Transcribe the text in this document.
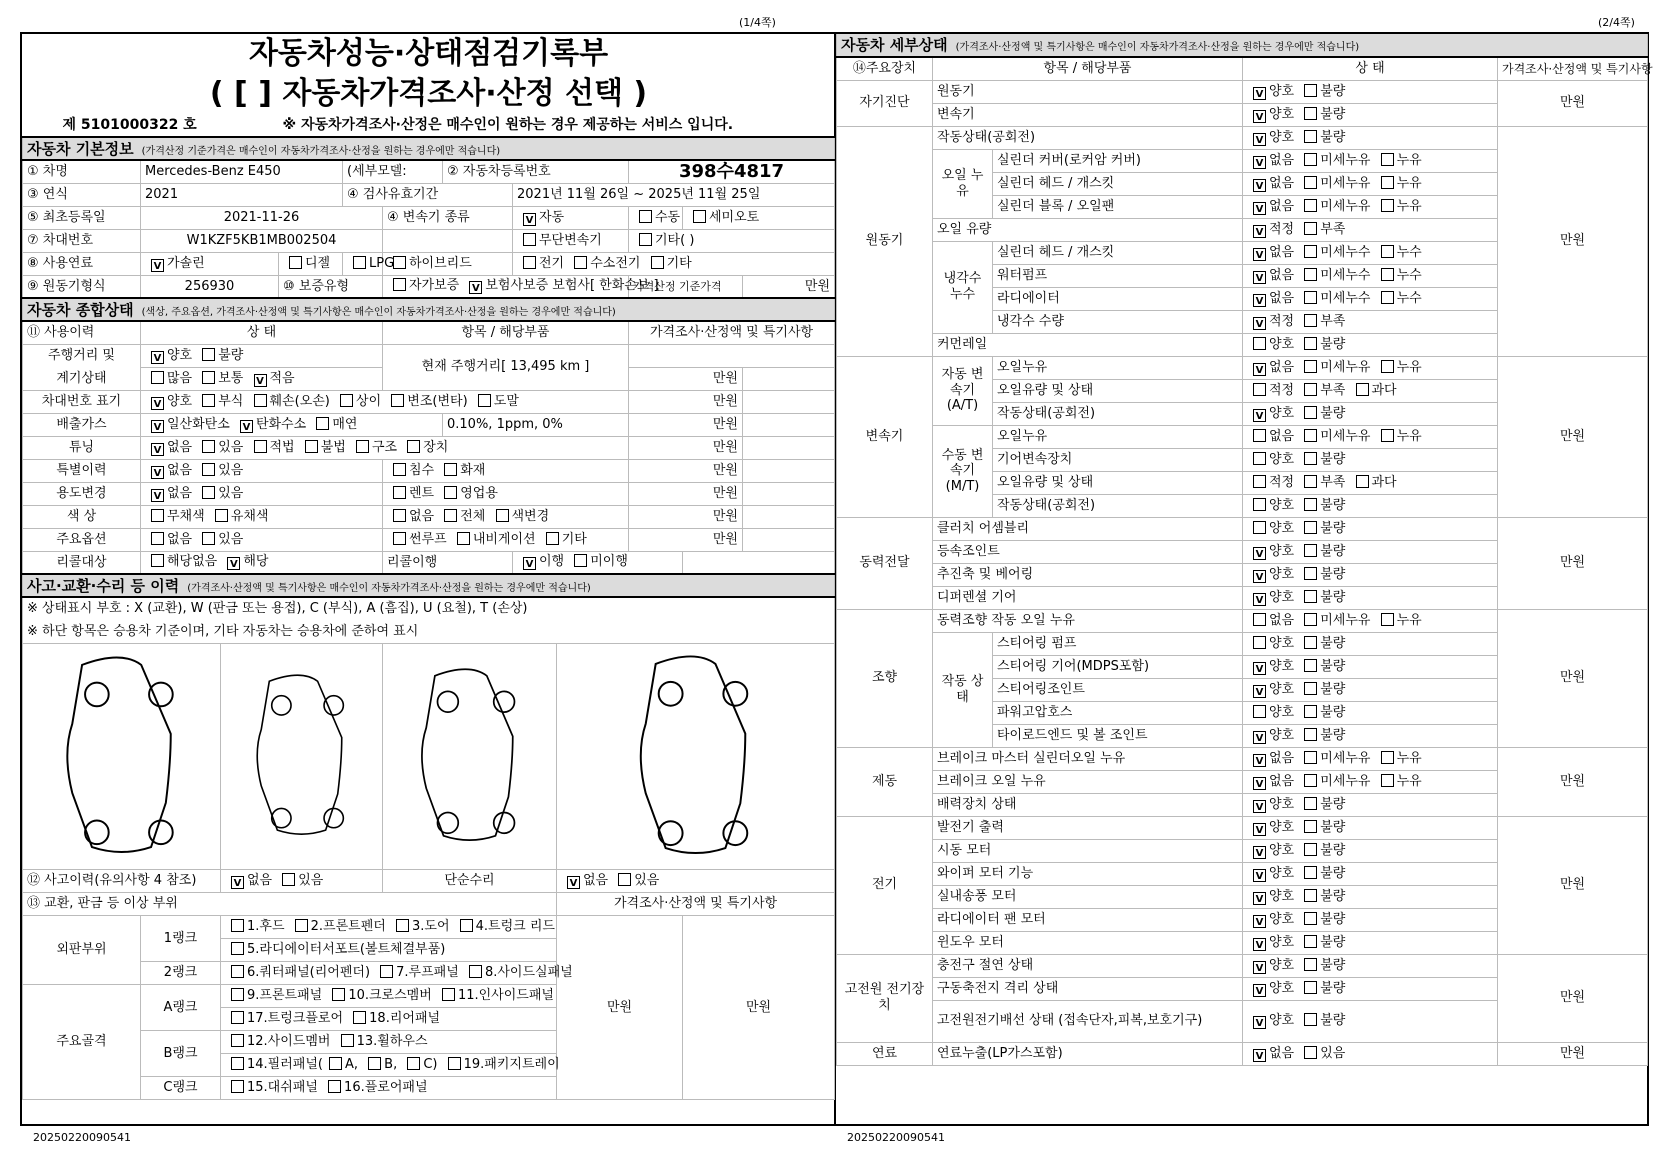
(1/4쪽)	(2/4쪽)
자동차성능·상태점검기록부											
( [ ] 자동차가격조사·산정 선택 )											
제 5101000322 호			※ 자동차가격조사·산정은 매수인이 원하는 경우 제공하는 서비스 입니다.								
자동차 기본정보 (가격산정 기준가격은 매수인이 자동차가격조사·산정을 원하는 경우에만 적습니다)											
① 차명	Mercedes-Benz E450			(세부모델:		② 자동차등록번호			398수4817		
③ 연식	2021			④ 검사유효기간			2021년 11월 26일 ~ 2025년 11월 25일				
⑤ 최초등록일	2021-11-26				④ 변속기 종류		V 자동		수동	세미오토	
⑦ 차대번호	W1KZF5KB1MB002504						무단변속기		기타( )		
⑧ 사용연료	V 가솔린		디젤	LPG	하이브리드		전기 수소전기 기타				
⑨ 원동기형식	256930		⑩ 보증유형		자가보증 V 보험사보증 보험사[ 한화손보 ]				가격산정 기준가격		만원
자동차 종합상태 (색상, 주요옵션, 가격조사·산정액 및 특기사항은 매수인이 자동차가격조사·산정을 원하는 경우에만 적습니다)											
⑪ 사용이력	상 태				항목 / 해당부품				가격조사·산정액 및 특기사항		
주행거리 및	V 양호 불량				현재 주행거리[ 13,495 km ]						
계기상태	많음 보통 V 적음								만원		
차대번호 표기	V 양호 부식 훼손(오손) 상이 변조(변타) 도말								만원		
배출가스	V 일산화탄소 V 탄화수소 매연					0.10%, 1ppm, 0%			만원		
튜닝	V 없음 있음 적법 불법 구조 장치								만원		
특별이력	V 없음 있음				침수 화재				만원		
용도변경	V 없음 있음				렌트 영업용				만원		
색 상	무채색 유채색				없음 전체 색변경				만원		
주요옵션	없음 있음				썬루프 내비게이션 기타				만원		
리콜대상	해당없음 V 해당				리콜이행		V 이행 미이행				
사고·교환·수리 등 이력 (가격조사·산정액 및 특기사항은 매수인이 자동차가격조사·산정을 원하는 경우에만 적습니다)											
※ 상태표시 부호 : X (교환), W (판금 또는 용접), C (부식), A (흠집), U (요철), T (손상)											
※ 하단 항목은 승용차 기준이며, 기타 자동차는 승용차에 준하여 표시											

⑫ 사고이력(유의사항 4 참조)		V 없음 있음			단순수리			V 없음 있음			
⑬ 교환, 판금 등 이상 부위								가격조사·산정액 및 특기사항			
외판부위	1랭크	1.후드 2.프론트펜더 3.도어 4.트렁크 리드						만원		만원	
		5.라디에이터서포트(볼트체결부품)									
	2랭크	6.쿼터패널(리어펜더) 7.루프패널 8.사이드실패널									
주요골격	A랭크	9.프론트패널 10.크로스멤버 11.인사이드패널									
		17.트렁크플로어 18.리어패널									
	B랭크	12.사이드멤버 13.휠하우스									
		14.필러패널( A, B, C) 19.패키지트레이									
	C랭크	15.대쉬패널 16.플로어패널									
자동차 세부상태 (가격조사·산정액 및 특기사항은 매수인이 자동차가격조사·산정을 원하는 경우에만 적습니다)				
⑭주요장치	항목 / 해당부품		상 태	가격조사·산정액 및 특기사항
자기진단	원동기		V 양호 불량	만원
	변속기		V 양호 불량	
원동기	작동상태(공회전)		V 양호 불량	만원
	오일 누유	실린더 커버(로커암 커버)	V 없음 미세누유 누유	
		실린더 헤드 / 개스킷	V 없음 미세누유 누유	
		실린더 블록 / 오일팬	V 없음 미세누유 누유	
	오일 유량		V 적정 부족	
	냉각수 누수	실린더 헤드 / 개스킷	V 없음 미세누수 누수	
		워터펌프	V 없음 미세누수 누수	
		라디에이터	V 없음 미세누수 누수	
		냉각수 수량	V 적정 부족	
	커먼레일		양호 불량	
변속기	자동 변속기 (A/T)	오일누유	V 없음 미세누유 누유	만원
		오일유량 및 상태	적정 부족 과다	
		작동상태(공회전)	V 양호 불량	
	수동 변속기 (M/T)	오일누유	없음 미세누유 누유	
		기어변속장치	양호 불량	
		오일유량 및 상태	적정 부족 과다	
		작동상태(공회전)	양호 불량	
동력전달	클러치 어셈블리		양호 불량	만원
	등속조인트		V 양호 불량	
	추진축 및 베어링		V 양호 불량	
	디퍼렌셜 기어		V 양호 불량	
조향	동력조향 작동 오일 누유		없음 미세누유 누유	만원
	작동 상태	스티어링 펌프	양호 불량	
		스티어링 기어(MDPS포함)	V 양호 불량	
		스티어링조인트	V 양호 불량	
		파워고압호스	양호 불량	
		타이로드엔드 및 볼 조인트	V 양호 불량	
제동	브레이크 마스터 실린더오일 누유		V 없음 미세누유 누유	만원
	브레이크 오일 누유		V 없음 미세누유 누유	
	배력장치 상태		V 양호 불량	
전기	발전기 출력		V 양호 불량	만원
	시동 모터		V 양호 불량	
	와이퍼 모터 기능		V 양호 불량	
	실내송풍 모터		V 양호 불량	
	라디에이터 팬 모터		V 양호 불량	
	윈도우 모터		V 양호 불량	
고전원 전기장치	충전구 절연 상태		V 양호 불량	만원
	구동축전지 격리 상태		V 양호 불량	
	고전원전기배선 상태 (접속단자,피복,보호기구)		V 양호 불량	
연료	연료누출(LP가스포함)		V 없음 있음	만원
20250220090541	20250220090541
